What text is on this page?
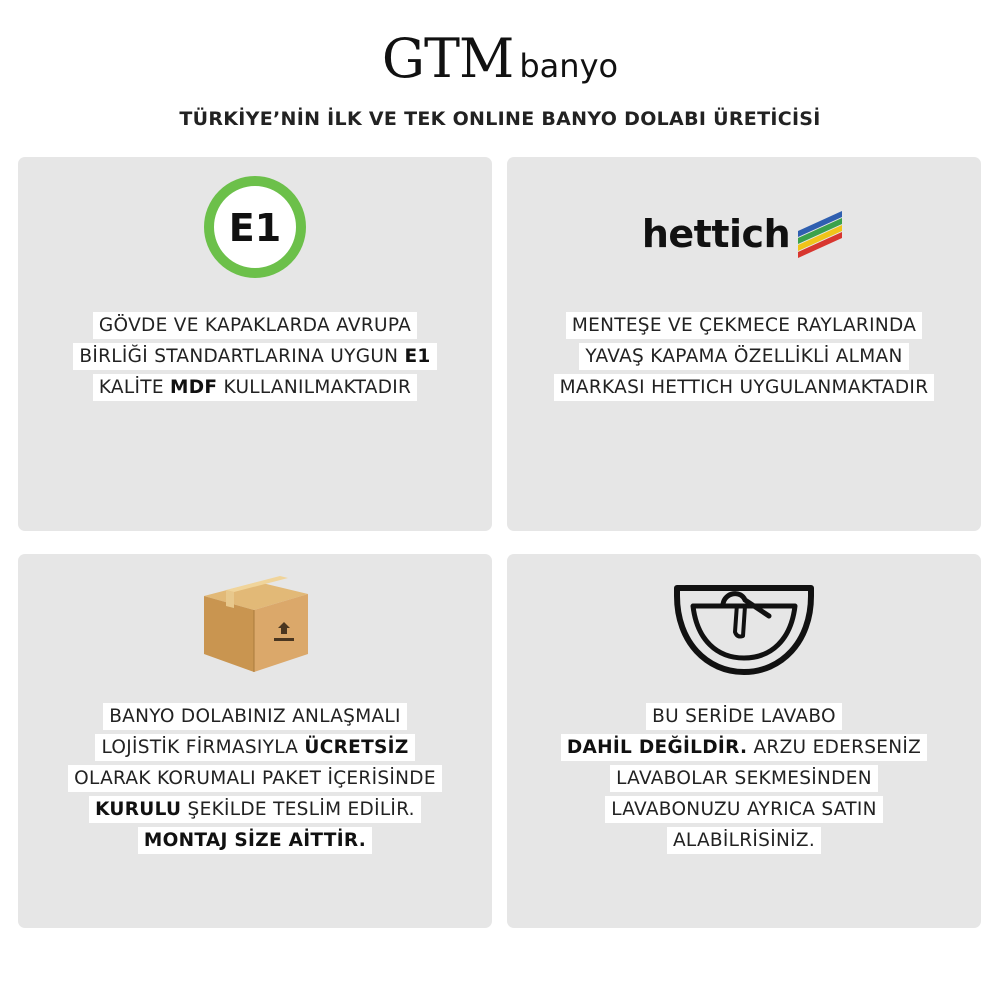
GTM banyo
TÜRKİYE’NİN İLK VE TEK ONLINE BANYO DOLABI ÜRETİCİSİ
E1
GÖVDE VE KAPAKLARDA AVRUPA
BİRLİĞİ STANDARTLARINA UYGUN E1
KALİTE MDF KULLANILMAKTADIR
hettich
MENTEŞE VE ÇEKMECE RAYLARINDA
YAVAŞ KAPAMA ÖZELLİKLİ ALMAN
MARKASI HETTICH UYGULANMAKTADIR
BANYO DOLABINIZ ANLAŞMALI
LOJİSTİK FİRMASIYLA ÜCRETSİZ
OLARAK KORUMALI PAKET İÇERİSİNDE
KURULU ŞEKİLDE TESLİM EDİLİR.
MONTAJ SİZE AİTTİR.
BU SERİDE LAVABO
DAHİL DEĞİLDİR. ARZU EDERSENİZ
LAVABOLAR SEKMESİNDEN
LAVABONUZU AYRICA SATIN
ALABİLRİSİNİZ.
